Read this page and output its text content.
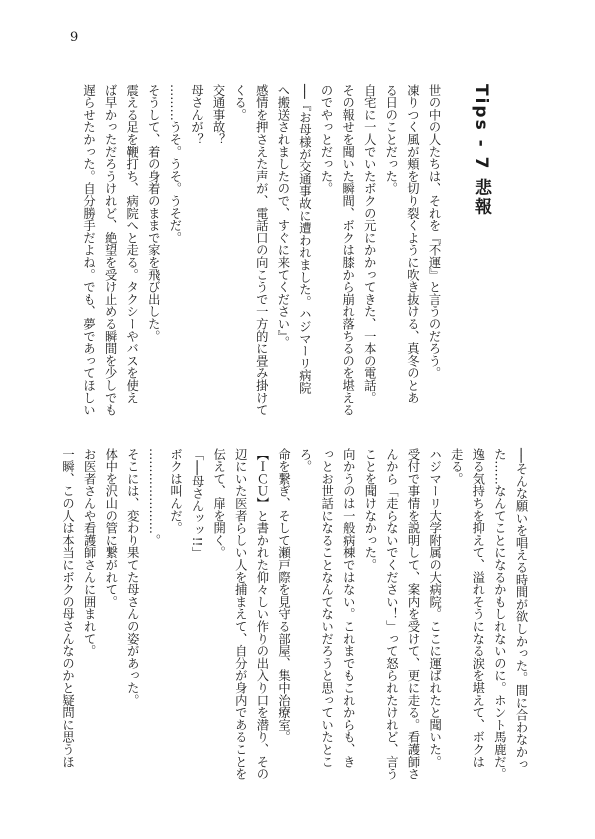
9
Tips - 7 悲報
世の中の人たちは、それを『不運』と言うのだろう。
凍りつく風が頬を切り裂くように吹き抜ける、真冬のとあ
る日のことだった。
自宅に一人でいたボクの元にかかってきた、一本の電話。
その報せを聞いた瞬間、ボクは膝から崩れ落ちるのを堪える
のでやっとだった。
──『お母様が交通事故に遭われました。ハジマーリ病院
へ搬送されましたので、すぐに来てください』。
感情を押さえた声が、電話口の向こうで一方的に畳み掛けて
くる。
交通事故？
母さんが？
………うそ。うそ。うそだ。
そうして、着の身着のままで家を飛び出した。
震える足を鞭打ち、病院へと走る。タクシーやバスを使え
ば早かっただろうけれど、絶望を受け止める瞬間を少しでも
遅らせたかった。自分勝手だよね。でも、夢であってほしい
──そんな願いを唱える時間が欲しかった。間に合わなかっ
た……なんてことになるかもしれないのに。ホント馬鹿だ。
逸る気持ちを抑えて、溢れそうになる涙を堪えて、ボクは
走る。
ハジマーリ大学附属の大病院。ここに運ばれたと聞いた。
受付で事情を説明して、案内を受けて、更に走る。看護師さ
んから「走らないでください！」って怒られたけれど、言う
ことを聞けなかった。
向かうのは一般病棟ではない。これまでもこれからも、き
っとお世話になることなんてないだろうと思っていたとこ
ろ。
命を繋ぎ、そして瀬戸際を見守る部屋、集中治療室。
【ＩＣＵ】と書かれた仰々しい作りの出入り口を潜り、その
辺にいた医者らしい人を捕まえて、自分が身内であることを
伝えて、扉を開く。
「──母さんッッ!!」
ボクは叫んだ。
…………………。
そこには、変わり果てた母さんの姿があった。
体中を沢山の管に繋がれて。
お医者さんや看護師さんに囲まれて。
一瞬、この人は本当にボクの母さんなのかと疑問に思うほ
